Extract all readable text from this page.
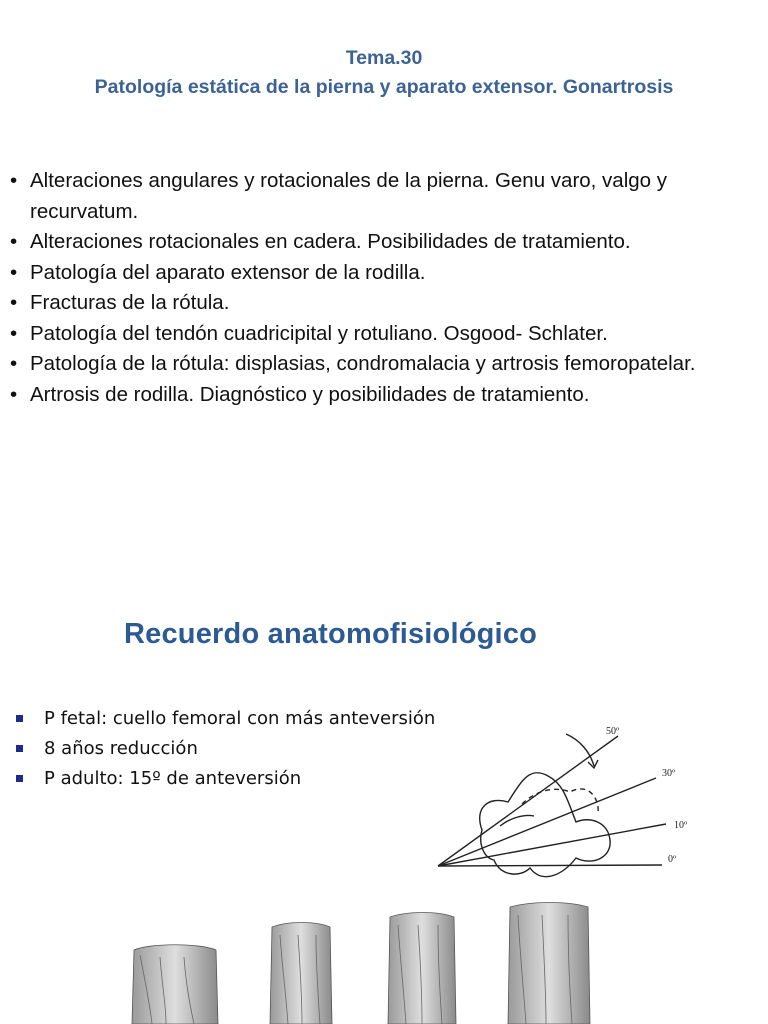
Tema.30
Patología estática de la pierna y aparato extensor. Gonartrosis
• Alteraciones angulares y rotacionales de la pierna. Genu varo, valgo y recurvatum.
• Alteraciones rotacionales en cadera. Posibilidades de tratamiento.
• Patología del aparato extensor de la rodilla.
• Fracturas de la rótula.
• Patología del tendón cuadricipital y rotuliano. Osgood- Schlater.
• Patología de la rótula: displasias, condromalacia y artrosis femoropatelar.
• Artrosis de rodilla. Diagnóstico y posibilidades de tratamiento.
Recuerdo anatomofisiológico
P fetal: cuello femoral con más anteversión
8 años reducción
P adulto: 15º de anteversión
50º
30º
10º
0º
